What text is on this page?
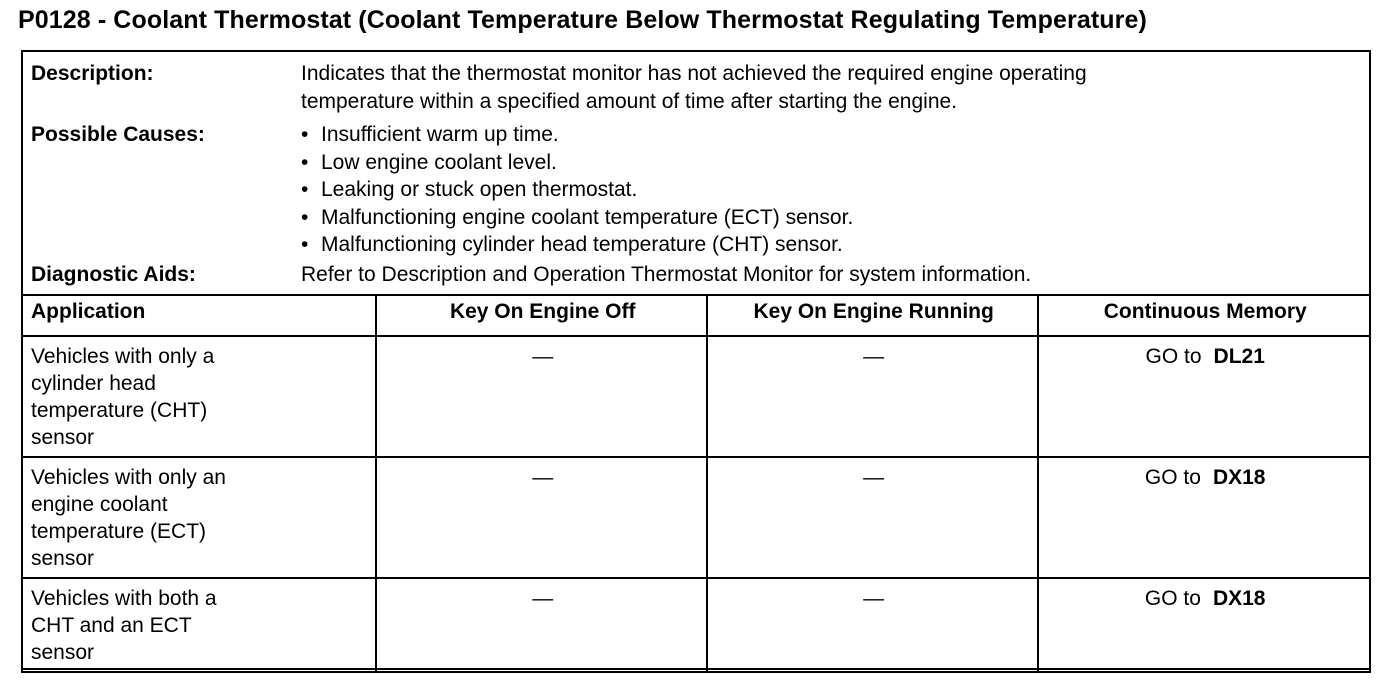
P0128 - Coolant Thermostat (Coolant Temperature Below Thermostat Regulating Temperature)
Description:	Indicates that the thermostat monitor has not achieved the required engine operating
temperature within a specified amount of time after starting the engine.
Possible Causes:	• Insufficient warm up time.
• Low engine coolant level.
• Leaking or stuck open thermostat.
• Malfunctioning engine coolant temperature (ECT) sensor.
• Malfunctioning cylinder head temperature (CHT) sensor.
Diagnostic Aids:	Refer to Description and Operation Thermostat Monitor for system information.
Application	Key On Engine Off	Key On Engine Running	Continuous Memory

Vehicles with only a
cylinder head
temperature (CHT)
sensor	—	—	GO to DL21

Vehicles with only an
engine coolant
temperature (ECT)
sensor	—	—	GO to DX18

Vehicles with both a
CHT and an ECT
sensor	—	—	GO to DX18
